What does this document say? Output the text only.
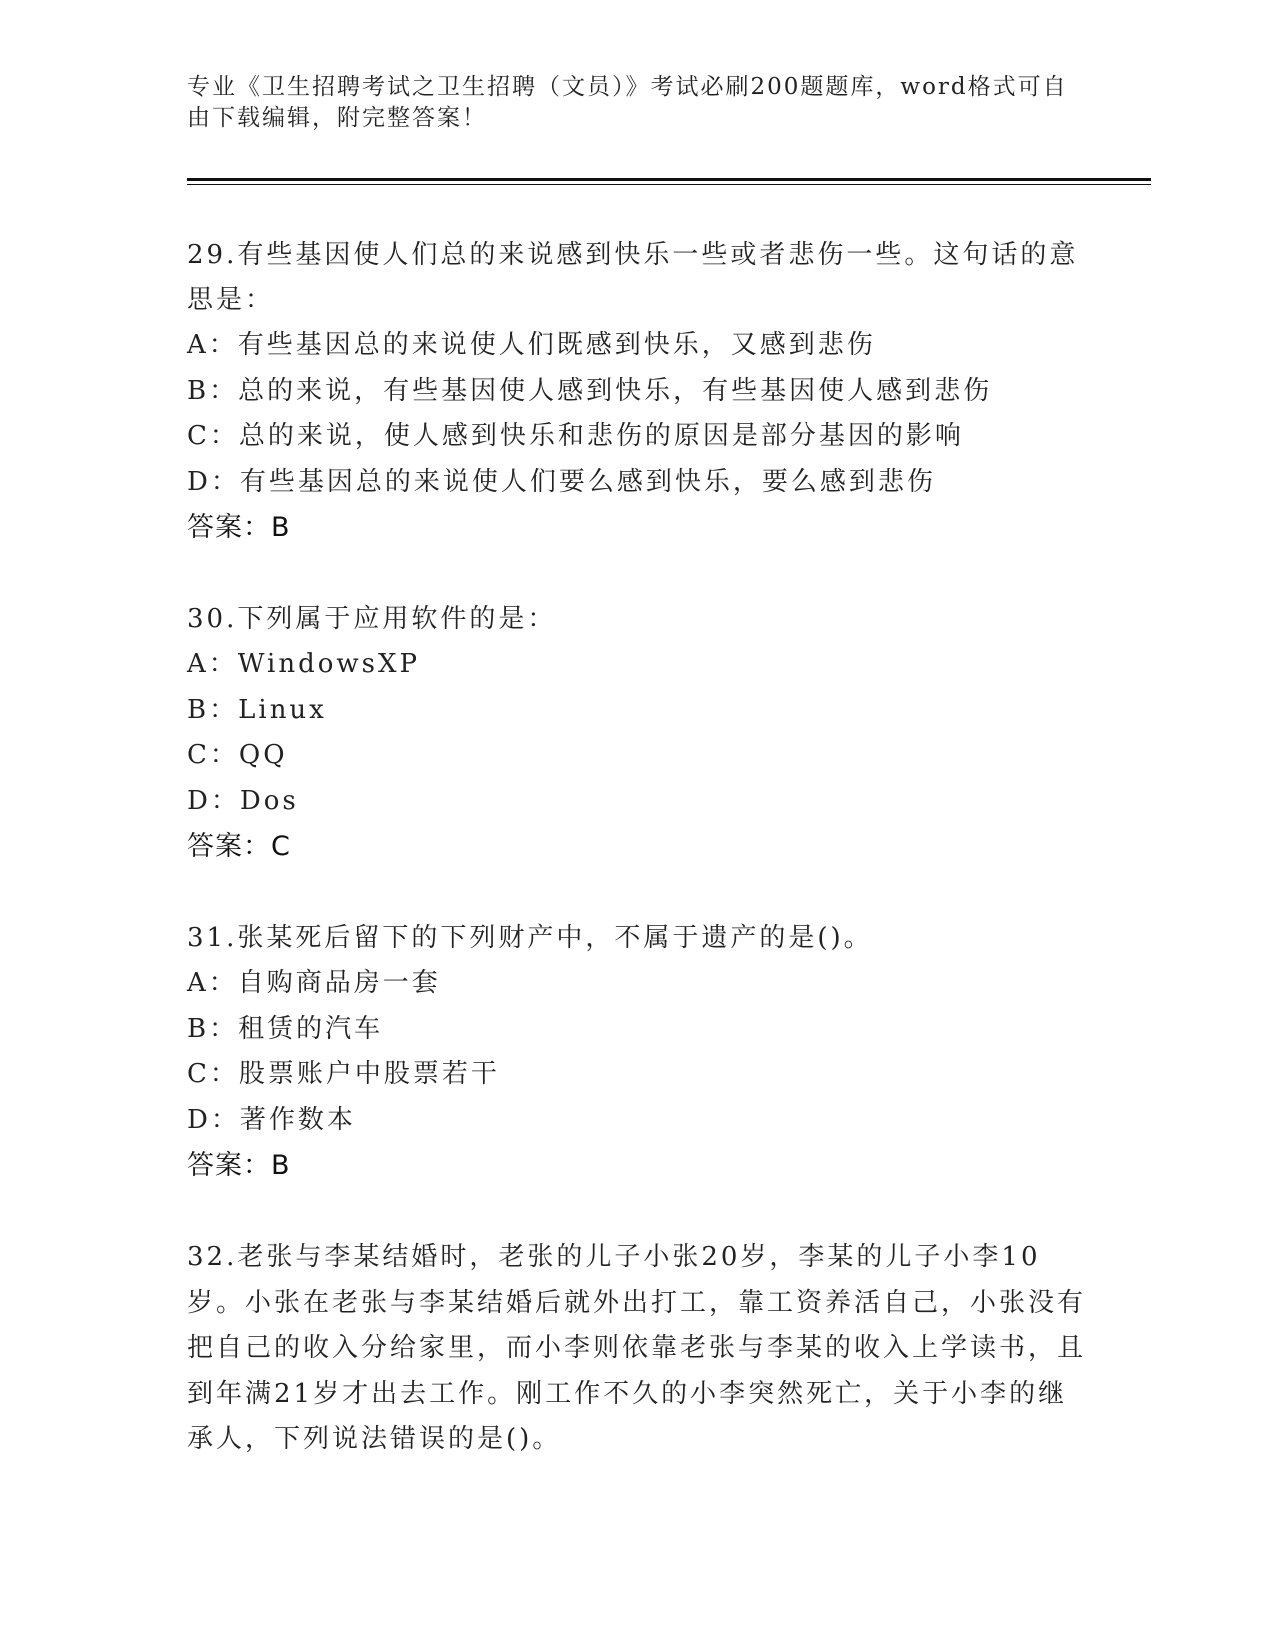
专业《卫生招聘考试之卫生招聘（文员）》考试必刷200题题库，word格式可自
由下载编辑，附完整答案！

29.有些基因使人们总的来说感到快乐一些或者悲伤一些。这句话的意思是：

A：有些基因总的来说使人们既感到快乐，又感到悲伤

B：总的来说，有些基因使人感到快乐，有些基因使人感到悲伤

C：总的来说，使人感到快乐和悲伤的原因是部分基因的影响

D：有些基因总的来说使人们要么感到快乐，要么感到悲伤

答案：B

30.下列属于应用软件的是：

A：WindowsXP

B：Linux

C：QQ

D：Dos

答案：C

31.张某死后留下的下列财产中，不属于遗产的是()。

A：自购商品房一套

B：租赁的汽车

C：股票账户中股票若干

D：著作数本

答案：B

32.老张与李某结婚时，老张的儿子小张20岁，李某的儿子小李10岁。小张在老张与李某结婚后就外出打工，靠工资养活自己，小张没有把自己的收入分给家里，而小李则依靠老张与李某的收入上学读书，且到年满21岁才出去工作。刚工作不久的小李突然死亡，关于小李的继承人，下列说法错误的是()。
